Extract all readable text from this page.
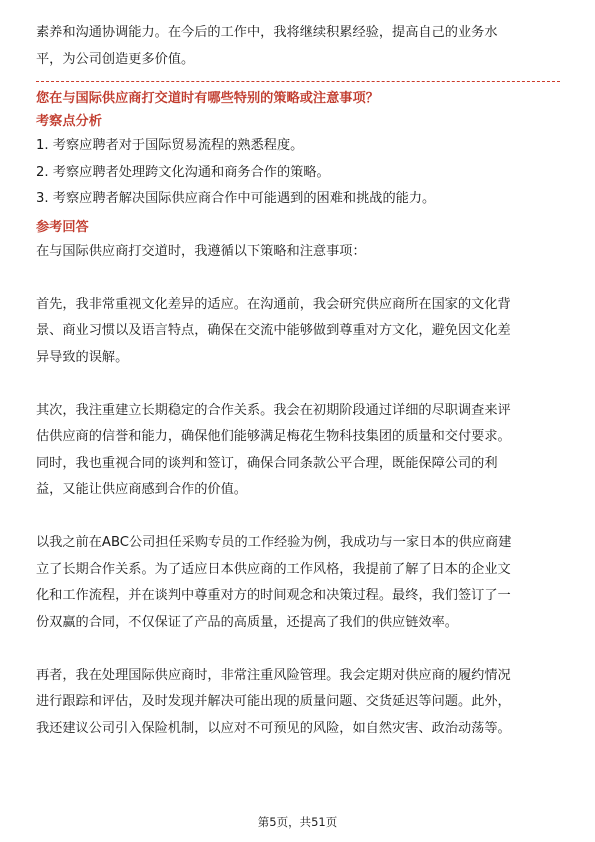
素养和沟通协调能力。在今后的工作中，我将继续积累经验，提高自己的业务水
平，为公司创造更多价值。
您在与国际供应商打交道时有哪些特别的策略或注意事项？
考察点分析
1. 考察应聘者对于国际贸易流程的熟悉程度。
2. 考察应聘者处理跨文化沟通和商务合作的策略。
3. 考察应聘者解决国际供应商合作中可能遇到的困难和挑战的能力。
参考回答
在与国际供应商打交道时，我遵循以下策略和注意事项：
首先，我非常重视文化差异的适应。在沟通前，我会研究供应商所在国家的文化背
景、商业习惯以及语言特点，确保在交流中能够做到尊重对方文化，避免因文化差
异导致的误解。
其次，我注重建立长期稳定的合作关系。我会在初期阶段通过详细的尽职调查来评
估供应商的信誉和能力，确保他们能够满足梅花生物科技集团的质量和交付要求。
同时，我也重视合同的谈判和签订，确保合同条款公平合理，既能保障公司的利
益，又能让供应商感到合作的价值。
以我之前在ABC公司担任采购专员的工作经验为例，我成功与一家日本的供应商建
立了长期合作关系。为了适应日本供应商的工作风格，我提前了解了日本的企业文
化和工作流程，并在谈判中尊重对方的时间观念和决策过程。最终，我们签订了一
份双赢的合同，不仅保证了产品的高质量，还提高了我们的供应链效率。
再者，我在处理国际供应商时，非常注重风险管理。我会定期对供应商的履约情况
进行跟踪和评估，及时发现并解决可能出现的质量问题、交货延迟等问题。此外，
我还建议公司引入保险机制，以应对不可预见的风险，如自然灾害、政治动荡等。
第5页，共51页
